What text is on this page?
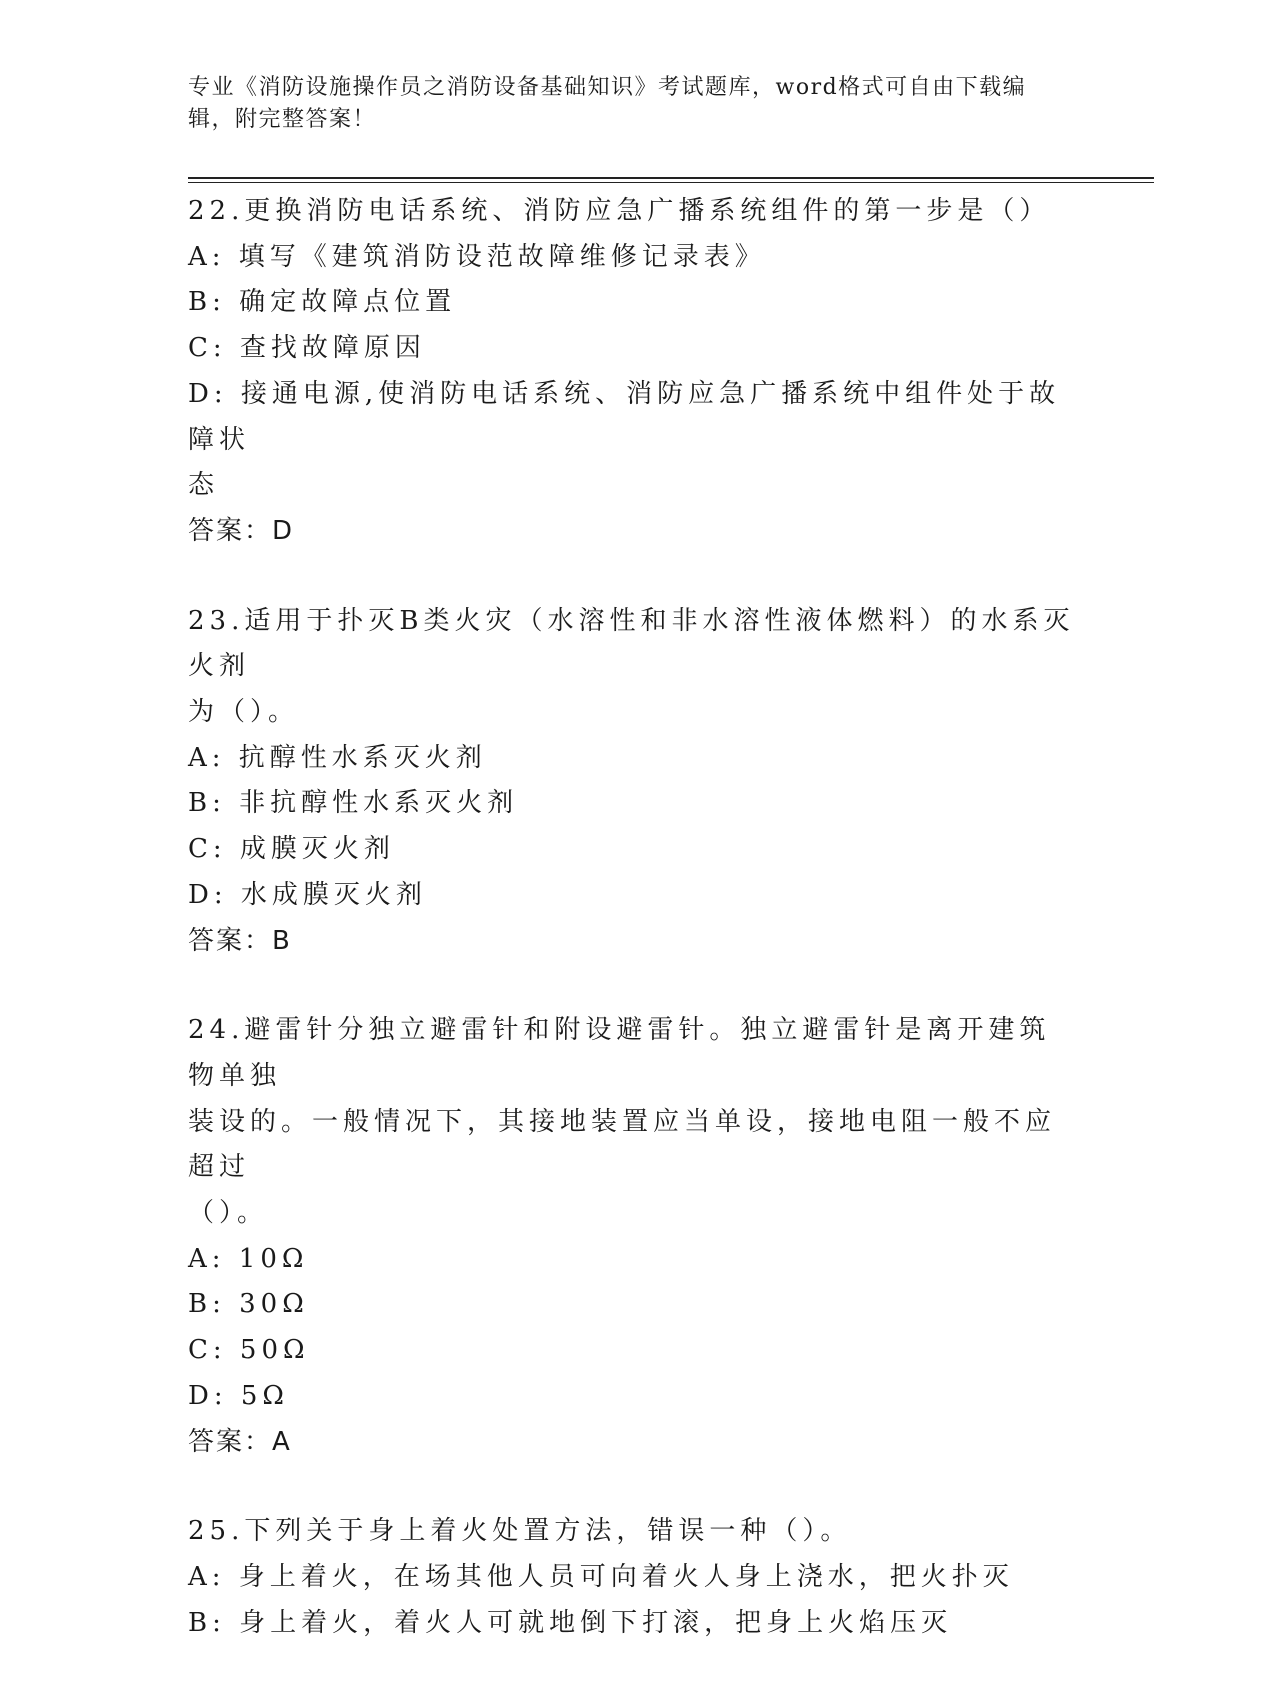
专业《消防设施操作员之消防设备基础知识》考试题库，word格式可自由下载编
辑，附完整答案！
22.更换消防电话系统、消防应急广播系统组件的第一步是（）
A: 填写《建筑消防设范故障维修记录表》
B: 确定故障点位置
C: 查找故障原因
D: 接通电源,使消防电话系统、消防应急广播系统中组件处于故障状
态
答案：D
23.适用于扑灭B类火灾（水溶性和非水溶性液体燃料）的水系灭火剂
为（）。
A: 抗醇性水系灭火剂
B: 非抗醇性水系灭火剂
C: 成膜灭火剂
D: 水成膜灭火剂
答案：B
24.避雷针分独立避雷针和附设避雷针。独立避雷针是离开建筑物单独
装设的。一般情况下，其接地装置应当单设，接地电阻一般不应超过
（）。
A: 10Ω
B: 30Ω
C: 50Ω
D: 5Ω
答案：A
25.下列关于身上着火处置方法，错误一种（）。
A: 身上着火，在场其他人员可向着火人身上浇水，把火扑灭
B: 身上着火，着火人可就地倒下打滚，把身上火焰压灭
